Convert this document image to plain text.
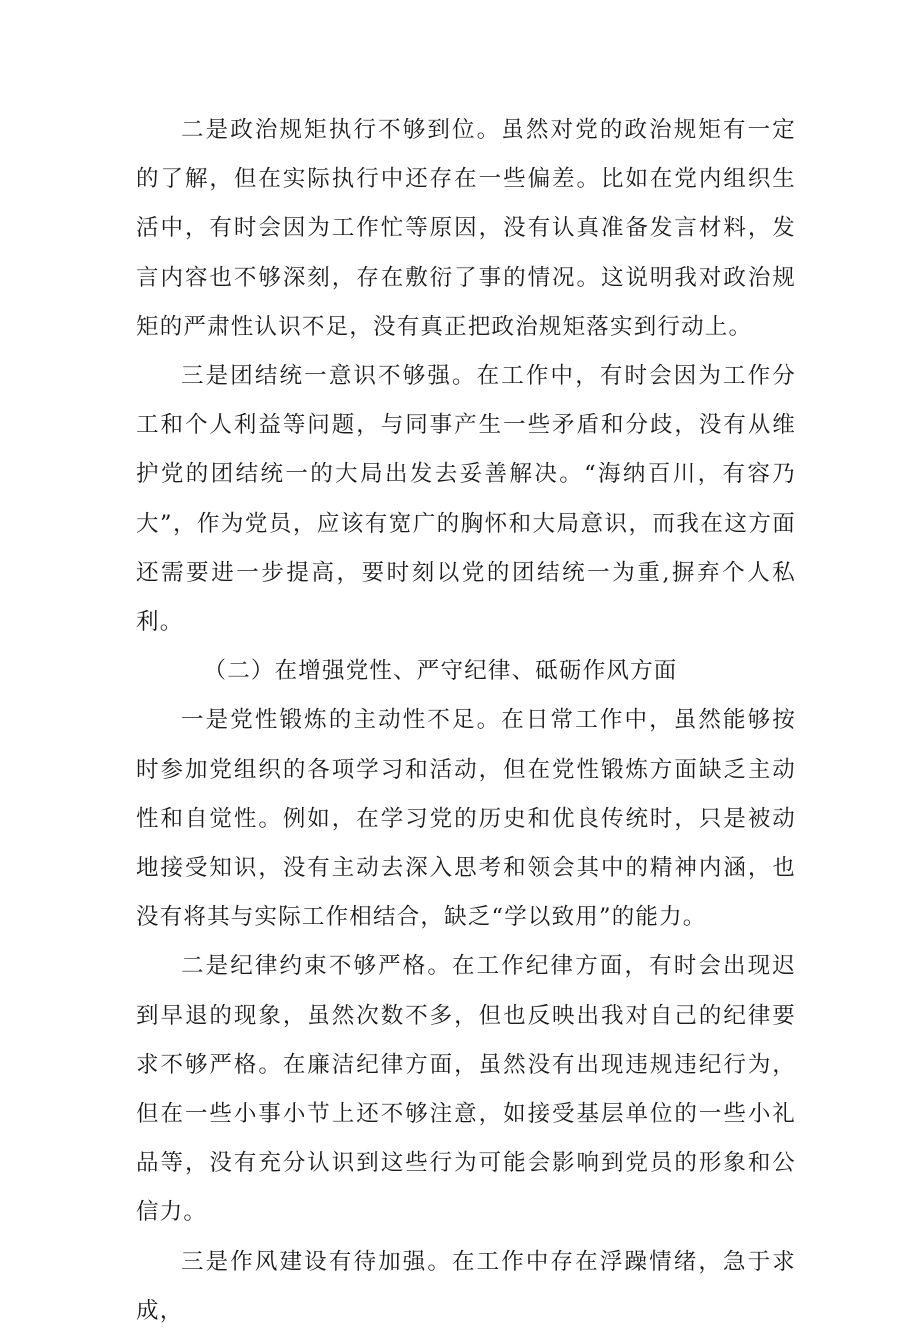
二是政治规矩执行不够到位。虽然对党的政治规矩有一定的了解，但在实际执行中还存在一些偏差。比如在党内组织生活中，有时会因为工作忙等原因，没有认真准备发言材料，发言内容也不够深刻，存在敷衍了事的情况。这说明我对政治规矩的严肃性认识不足，没有真正把政治规矩落实到行动上。

三是团结统一意识不够强。在工作中，有时会因为工作分工和个人利益等问题，与同事产生一些矛盾和分歧，没有从维护党的团结统一的大局出发去妥善解决。“海纳百川，有容乃大”，作为党员，应该有宽广的胸怀和大局意识，而我在这方面还需要进一步提高，要时刻以党的团结统一为重,摒弃个人私利。

（二）在增强党性、严守纪律、砥砺作风方面

一是党性锻炼的主动性不足。在日常工作中，虽然能够按时参加党组织的各项学习和活动，但在党性锻炼方面缺乏主动性和自觉性。例如，在学习党的历史和优良传统时，只是被动地接受知识，没有主动去深入思考和领会其中的精神内涵，也没有将其与实际工作相结合，缺乏“学以致用”的能力。

二是纪律约束不够严格。在工作纪律方面，有时会出现迟到早退的现象，虽然次数不多，但也反映出我对自己的纪律要求不够严格。在廉洁纪律方面，虽然没有出现违规违纪行为，但在一些小事小节上还不够注意，如接受基层单位的一些小礼品等，没有充分认识到这些行为可能会影响到党员的形象和公信力。

三是作风建设有待加强。在工作中存在浮躁情绪，急于求成，
